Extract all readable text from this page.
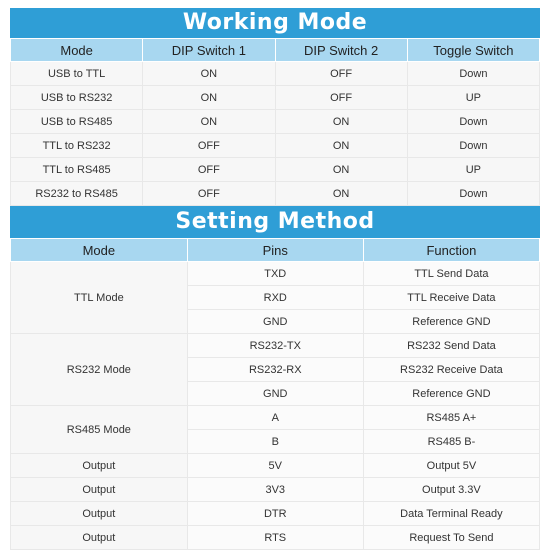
Working Mode
Mode	DIP Switch 1	DIP Switch 2	Toggle Switch
USB to TTL	ON	OFF	Down
USB to RS232	ON	OFF	UP
USB to RS485	ON	ON	Down
TTL to RS232	OFF	ON	Down
TTL to RS485	OFF	ON	UP
RS232 to RS485	OFF	ON	Down
Setting Method
Mode	Pins	Function
TTL Mode	TXD	TTL Send Data
	RXD	TTL Receive Data
	GND	Reference GND
RS232 Mode	RS232-TX	RS232 Send Data
	RS232-RX	RS232 Receive Data
	GND	Reference GND
RS485 Mode	A	RS485 A+
	B	RS485 B-
Output	5V	Output 5V
Output	3V3	Output 3.3V
Output	DTR	Data Terminal Ready
Output	RTS	Request To Send
